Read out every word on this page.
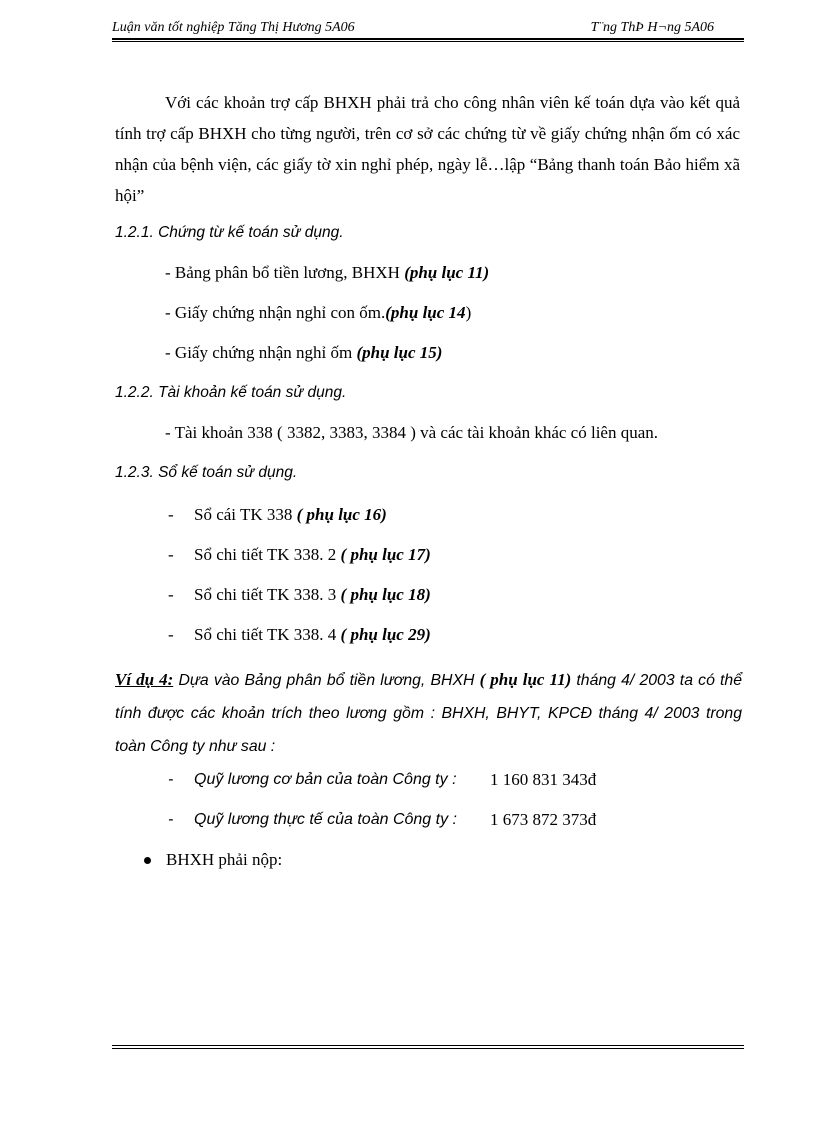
Luận văn tốt nghiệp Tăng Thị Hương 5A06	T¨ng ThÞ H¬ng 5A06
Với các khoản trợ cấp BHXH phải trả cho công nhân viên kế toán dựa vào kết quả tính trợ cấp BHXH cho từng người, trên cơ sở các chứng từ về giấy chứng nhận ốm có xác nhận của bệnh viện, các giấy tờ xin nghỉ phép, ngày lễ…lập “Bảng thanh toán Bảo hiểm xã hội”
1.2.1. Chứng từ kế toán sử dụng.
- Bảng phân bổ tiền lương, BHXH (phụ lục 11)
- Giấy chứng nhận nghỉ con ốm.(phụ lục 14)
- Giấy chứng nhận nghỉ ốm (phụ lục 15)
1.2.2. Tài khoản kế toán sử dụng.
- Tài khoản 338 ( 3382, 3383, 3384 ) và các tài khoản khác có liên quan.
1.2.3. Sổ kế toán sử dụng.
- Sổ cái TK 338 ( phụ lục 16)
- Sổ chi tiết TK 338. 2 ( phụ lục 17)
- Sổ chi tiết TK 338. 3 ( phụ lục 18)
- Sổ chi tiết TK 338. 4 ( phụ lục 29)
Ví dụ 4: Dựa vào Bảng phân bổ tiền lương, BHXH ( phụ lục 11) tháng 4/ 2003 ta có thể tính được các khoản trích theo lương gồm : BHXH, BHYT, KPCĐ tháng 4/ 2003 trong toàn Công ty như sau :
- Quỹ lương cơ bản của toàn Công ty : 1 160 831 343đ
- Quỹ lương thực tế của toàn Công ty : 1 673 872 373đ
BHXH phải nộp:
